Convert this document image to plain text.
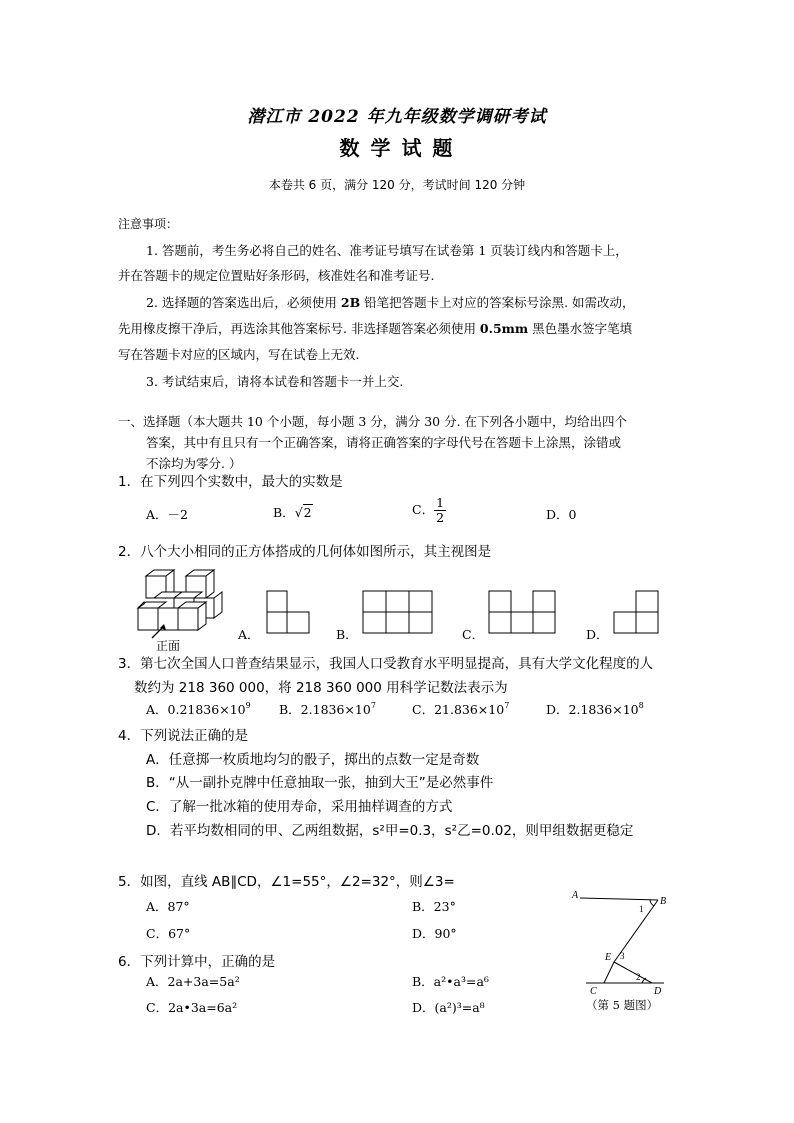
潜江市 2022 年九年级数学调研考试
数 学 试 题
本卷共 6 页，满分 120 分，考试时间 120 分钟
注意事项：
1. 答题前，考生务必将自己的姓名、准考证号填写在试卷第 1 页装订线内和答题卡上，
并在答题卡的规定位置贴好条形码，核准姓名和准考证号.
2. 选择题的答案选出后，必须使用 2B 铅笔把答题卡上对应的答案标号涂黑. 如需改动，
先用橡皮擦干净后，再选涂其他答案标号. 非选择题答案必须使用 0.5mm 黑色墨水签字笔填
写在答题卡对应的区域内，写在试卷上无效.
3. 考试结束后，请将本试卷和答题卡一并上交.
一、选择题（本大题共 10 个小题，每小题 3 分，满分 30 分. 在下列各小题中，均给出四个
答案，其中有且只有一个正确答案，请将正确答案的字母代号在答题卡上涂黑，涂错或
不涂均为零分. ）
1．在下列四个实数中，最大的实数是
A．－2	B．√2	C． $\frac{1}{2}$	D．0
2．八个大小相同的正方体搭成的几何体如图所示，其主视图是
正面
A．	B．	C．	D．
3．第七次全国人口普查结果显示，我国人口受教育水平明显提高，具有大学文化程度的人
数约为 218 360 000，将 218 360 000 用科学记数法表示为
A．$0.21836\times 10^9$ B．$2.1836\times 10^7$	C．$21.836\times 10^7$	D．$2.1836\times 10^8$
4．下列说法正确的是
A．任意掷一枚质地均匀的骰子，掷出的点数一定是奇数
B．“从一副扑克牌中任意抽取一张，抽到大王”是必然事件
C．了解一批冰箱的使用寿命，采用抽样调查的方式
D．若平均数相同的甲、乙两组数据，s²甲=0.3，s²乙=0.02，则甲组数据更稳定
5．如图，直线 AB∥CD，∠1=55°，∠2=32°，则∠3=
A．87°	B．23°
C．67°	D．90°
A
B
E
C	D
1
2
3
（第 5 题图）
6．下列计算中，正确的是
A．2a+3a=5a²	B．a²•a³=a⁶
C．2a•3a=6a²	D．(a²)³=a⁸
